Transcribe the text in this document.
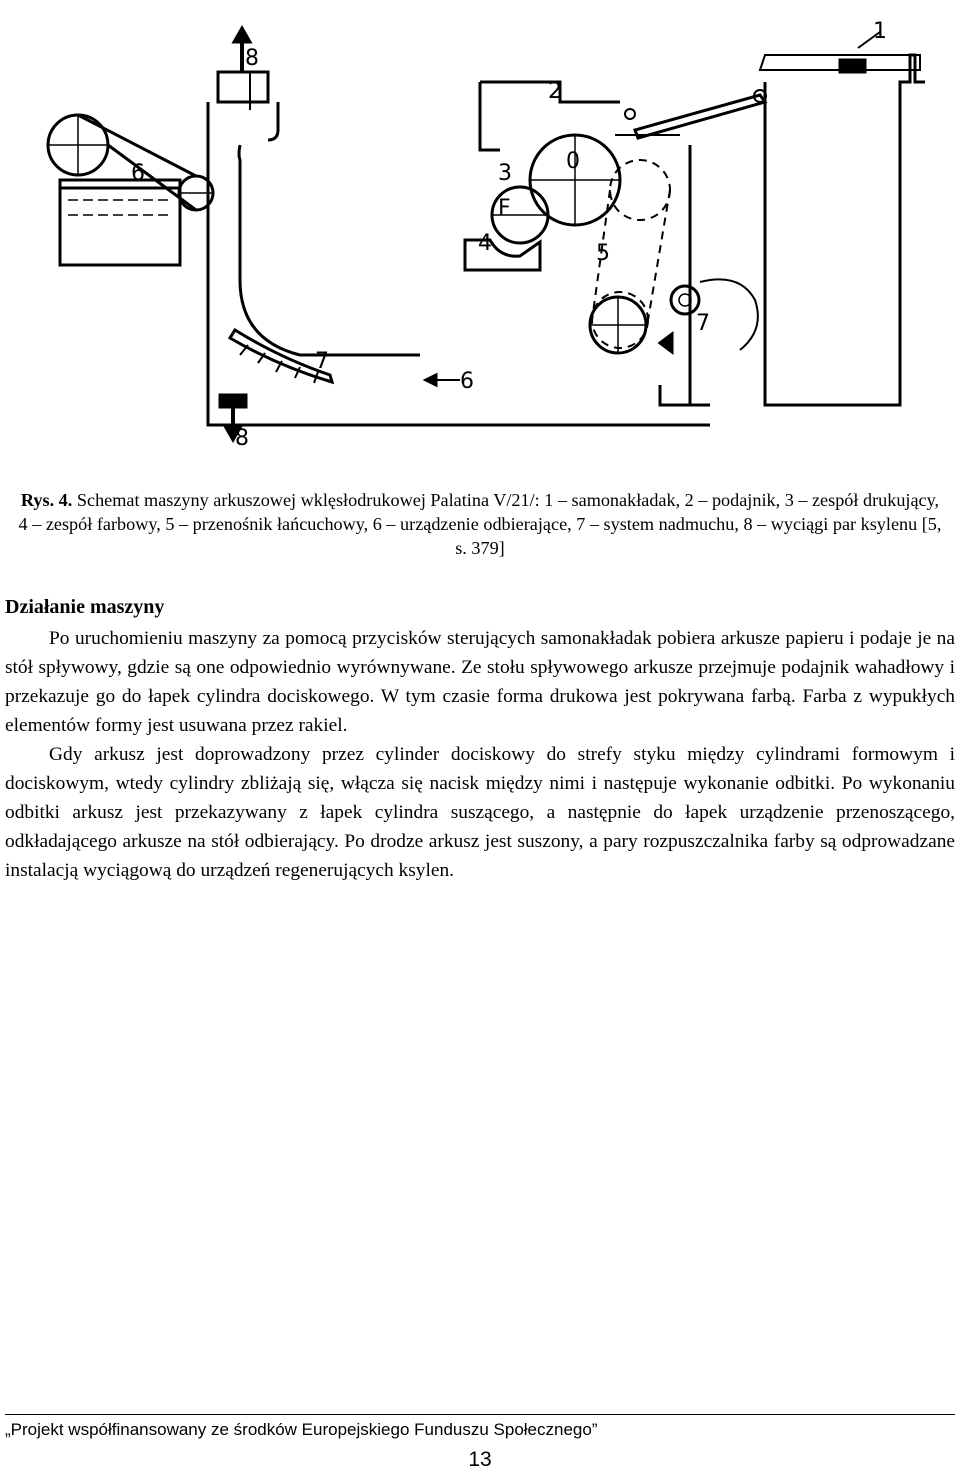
8
6
2
3 0
F
4	5
7
7
6
8
1
Rys. 4. Schemat maszyny arkuszowej wklęsłodrukowej Palatina V/21/: 1 – samonakładak, 2 – podajnik, 3 – zespół drukujący, 4 – zespół farbowy, 5 – przenośnik łańcuchowy, 6 – urządzenie odbierające, 7 – system nadmuchu, 8 – wyciągi par ksylenu [5, s. 379]
Działanie maszyny

Po uruchomieniu maszyny za pomocą przycisków sterujących samonakładak pobiera arkusze papieru i podaje je na stół spływowy, gdzie są one odpowiednio wyrównywane. Ze stołu spływowego arkusze przejmuje podajnik wahadłowy i przekazuje go do łapek cylindra dociskowego. W tym czasie forma drukowa jest pokrywana farbą. Farba z wypukłych elementów formy jest usuwana przez rakiel.

Gdy arkusz jest doprowadzony przez cylinder dociskowy do strefy styku między cylindrami formowym i dociskowym, wtedy cylindry zbliżają się, włącza się nacisk między nimi i następuje wykonanie odbitki. Po wykonaniu odbitki arkusz jest przekazywany z łapek cylindra suszącego, a następnie do łapek urządzenie przenoszącego, odkładającego arkusze na stół odbierający. Po drodze arkusz jest suszony, a pary rozpuszczalnika farby są odprowadzane instalacją wyciągową do urządzeń regenerujących ksylen.

„Projekt współfinansowany ze środków Europejskiego Funduszu Społecznego”
13
